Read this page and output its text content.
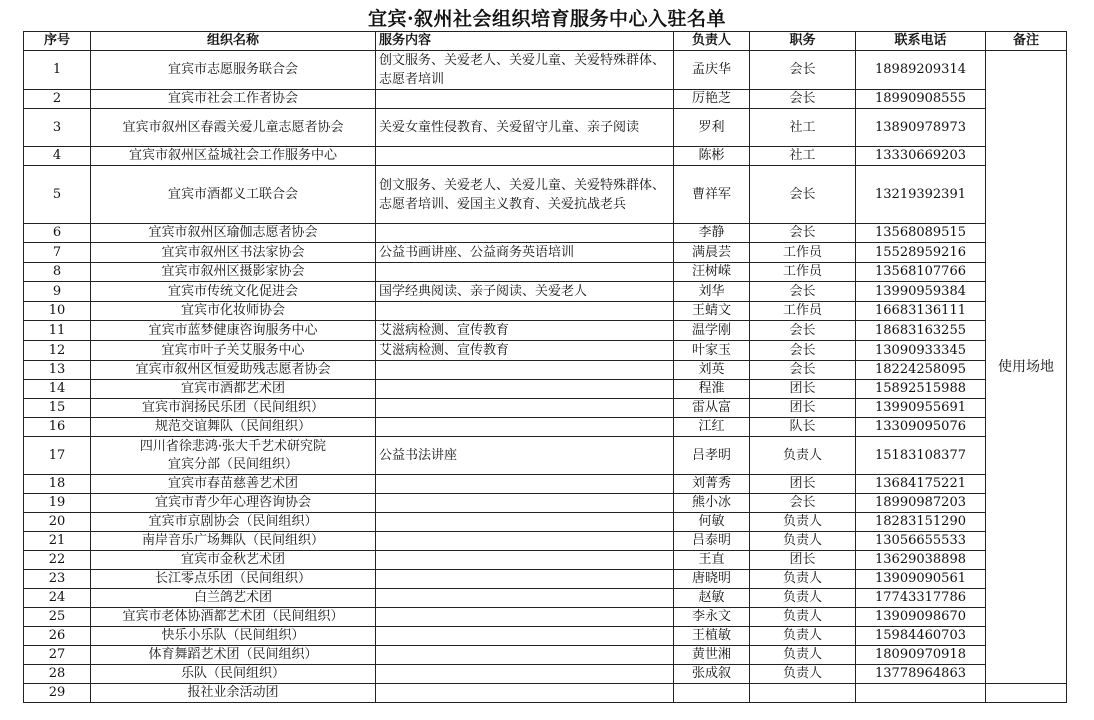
宜宾·叙州社会组织培育服务中心入驻名单
序号	组织名称	服务内容	负责人	职务	联系电话	备注
1	宜宾市志愿服务联合会	创文服务、关爱老人、关爱儿童、关爱特殊群体、志愿者培训	孟庆华	会长	18989209314	使用场地
2	宜宾市社会工作者协会		厉艳芝	会长	18990908555	
3	宜宾市叙州区春霞关爱儿童志愿者协会	关爱女童性侵教育、关爱留守儿童、亲子阅读	罗利	社工	13890978973	
4	宜宾市叙州区益城社会工作服务中心		陈彬	社工	13330669203	
5	宜宾市酒都义工联合会	创文服务、关爱老人、关爱儿童、关爱特殊群体、志愿者培训、爱国主义教育、关爱抗战老兵	曹祥军	会长	13219392391	
6	宜宾市叙州区瑜伽志愿者协会		李静	会长	13568089515	
7	宜宾市叙州区书法家协会	公益书画讲座、公益商务英语培训	满晨芸	工作员	15528959216	
8	宜宾市叙州区摄影家协会		汪树嵘	工作员	13568107766	
9	宜宾市传统文化促进会	国学经典阅读、亲子阅读、关爱老人	刘华	会长	13990959384	
10	宜宾市化妆师协会		王蜻文	工作员	16683136111	
11	宜宾市蓝梦健康咨询服务中心	艾滋病检测、宣传教育	温学刚	会长	18683163255	
12	宜宾市叶子关艾服务中心	艾滋病检测、宣传教育	叶家玉	会长	13090933345	
13	宜宾市叙州区恒爱助残志愿者协会		刘英	会长	18224258095	
14	宜宾市酒都艺术团		程淮	团长	15892515988	
15	宜宾市润扬民乐团（民间组织）		雷从富	团长	13990955691	
16	规范交谊舞队（民间组织）		江红	队长	13309095076	
17	四川省徐悲鸿·张大千艺术研究院
宜宾分部（民间组织）	公益书法讲座	吕孝明	负责人	15183108377	
18	宜宾市春苗慈善艺术团		刘菁秀	团长	13684175221	
19	宜宾市青少年心理咨询协会		熊小冰	会长	18990987203	
20	宜宾市京剧协会（民间组织）		何敏	负责人	18283151290	
21	南岸音乐广场舞队（民间组织）		吕泰明	负责人	13056655533	
22	宜宾市金秋艺术团		王直	团长	13629038898	
23	长江零点乐团（民间组织）		唐晓明	负责人	13909090561	
24	白兰鸽艺术团		赵敏	负责人	17743317786	
25	宜宾市老体协酒都艺术团（民间组织）		李永文	负责人	13909098670	
26	快乐小乐队（民间组织）		王植敏	负责人	15984460703	
27	体育舞蹈艺术团（民间组织）		黄世湘	负责人	18090970918	
28	乐队（民间组织）		张成叙	负责人	13778964863	
29	报社业余活动团					
